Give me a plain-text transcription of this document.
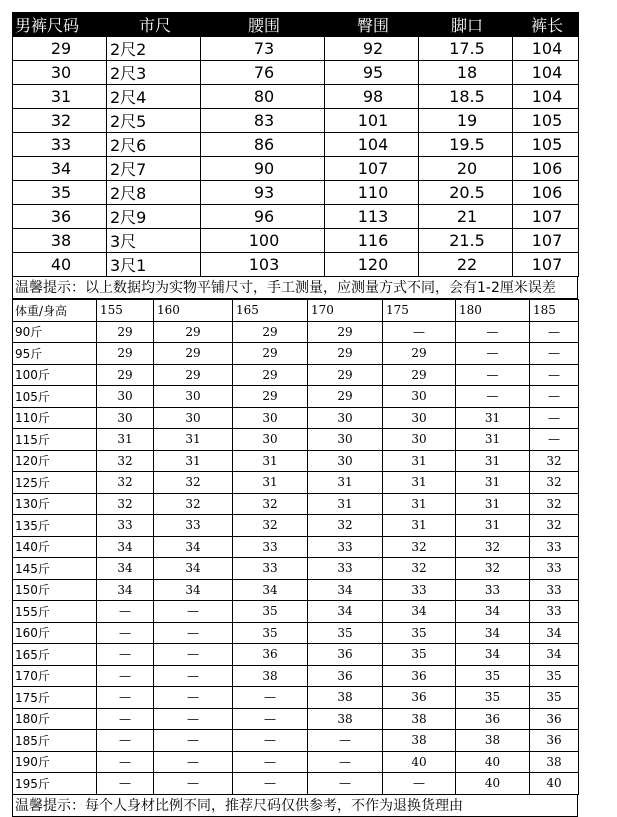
男裤尺码	市尺	腰围	臀围	脚口	裤长
29	2尺2	73	92	17.5	104
30	2尺3	76	95	18	104
31	2尺4	80	98	18.5	104
32	2尺5	83	101	19	105
33	2尺6	86	104	19.5	105
34	2尺7	90	107	20	106
35	2尺8	93	110	20.5	106
36	2尺9	96	113	21	107
38	3尺	100	116	21.5	107
40	3尺1	103	120	22	107
温馨提示：以上数据均为实物平铺尺寸，手工测量，应测量方式不同，会有1-2厘米误差
体重/身高	155	160	165	170	175	180	185	
90斤	29	29	29	29	—	—	—	
95斤	29	29	29	29	29	—	—	
100斤	29	29	29	29	29	—	—	
105斤	30	30	29	29	30	—	—	
110斤	30	30	30	30	30	31	—	
115斤	31	31	30	30	30	31	—	
120斤	32	31	31	30	31	31	32	
125斤	32	32	31	31	31	31	32	
130斤	32	32	32	31	31	31	32	
135斤	33	33	32	32	31	31	32	
140斤	34	34	33	33	32	32	33	
145斤	34	34	33	33	32	32	33	
150斤	34	34	34	34	33	33	33	
155斤	—	—	35	34	34	34	33	
160斤	—	—	35	35	35	34	34	
165斤	—	—	36	36	35	34	34	
170斤	—	—	38	36	36	35	35	
175斤	—	—	—	38	36	35	35	
180斤	—	—	—	38	38	36	36	
185斤	—	—	—	—	38	38	36	
190斤	—	—	—	—	40	40	38	
195斤	—	—	—	—	—	40	40	
温馨提示：每个人身材比例不同，推荐尺码仅供参考，不作为退换货理由
